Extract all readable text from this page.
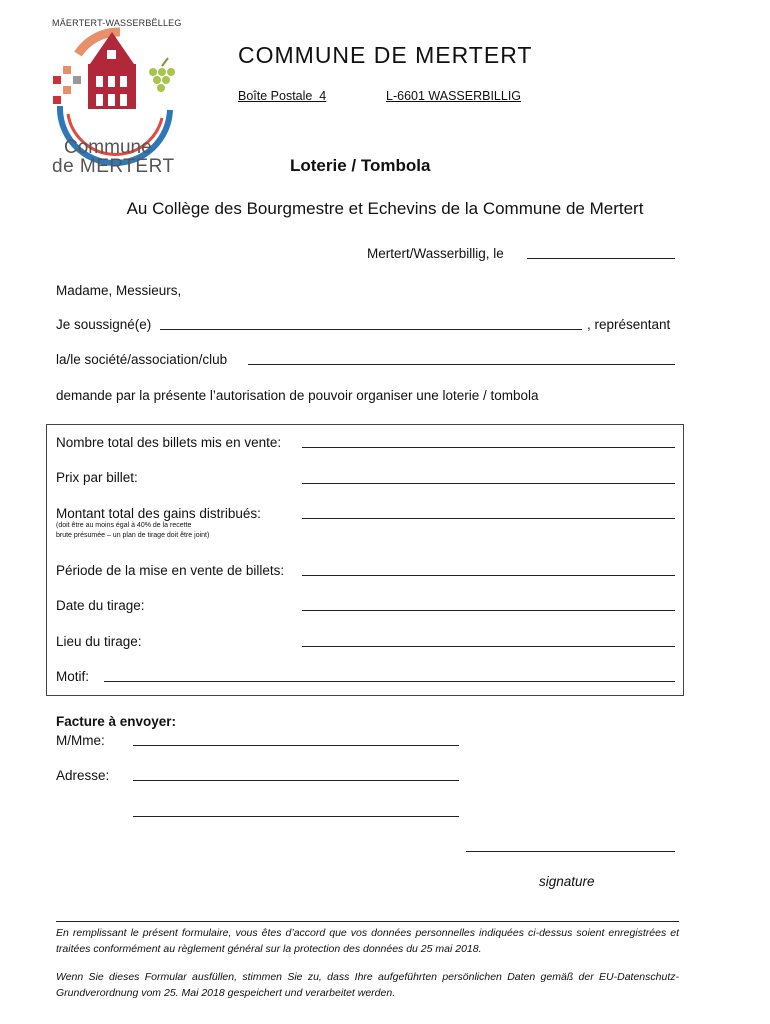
MÄERTERT-WASSERBËLLEG
Commune
de MERTERT
COMMUNE DE MERTERT
Boîte Postale  4	L-6601 WASSERBILLIG
Loterie / Tombola
Au Collège des Bourgmestre et Echevins de la Commune de Mertert
Mertert/Wasserbillig, le
Madame, Messieurs,
Je soussigné(e)	, représentant
la/le société/association/club
demande par la présente l’autorisation de pouvoir organiser une loterie / tombola
Nombre total des billets mis en vente:
Prix par billet:
Montant total des gains distribués:
(doit être au moins égal à 40% de la recette
brute présumée – un plan de tirage doit être joint)
Période de la mise en vente de billets:
Date du tirage:
Lieu du tirage:
Motif:
Facture à envoyer:
M/Mme:
Adresse:
signature
En remplissant le présent formulaire, vous êtes d’accord que vos données personnelles indiquées ci-dessus soient enregistrées et traitées conformément au règlement général sur la protection des données du 25 mai 2018.
Wenn Sie dieses Formular ausfüllen, stimmen Sie zu, dass Ihre aufgeführten persönlichen Daten gemäß der EU-Datenschutz-Grundverordnung vom 25. Mai 2018 gespeichert und verarbeitet werden.
